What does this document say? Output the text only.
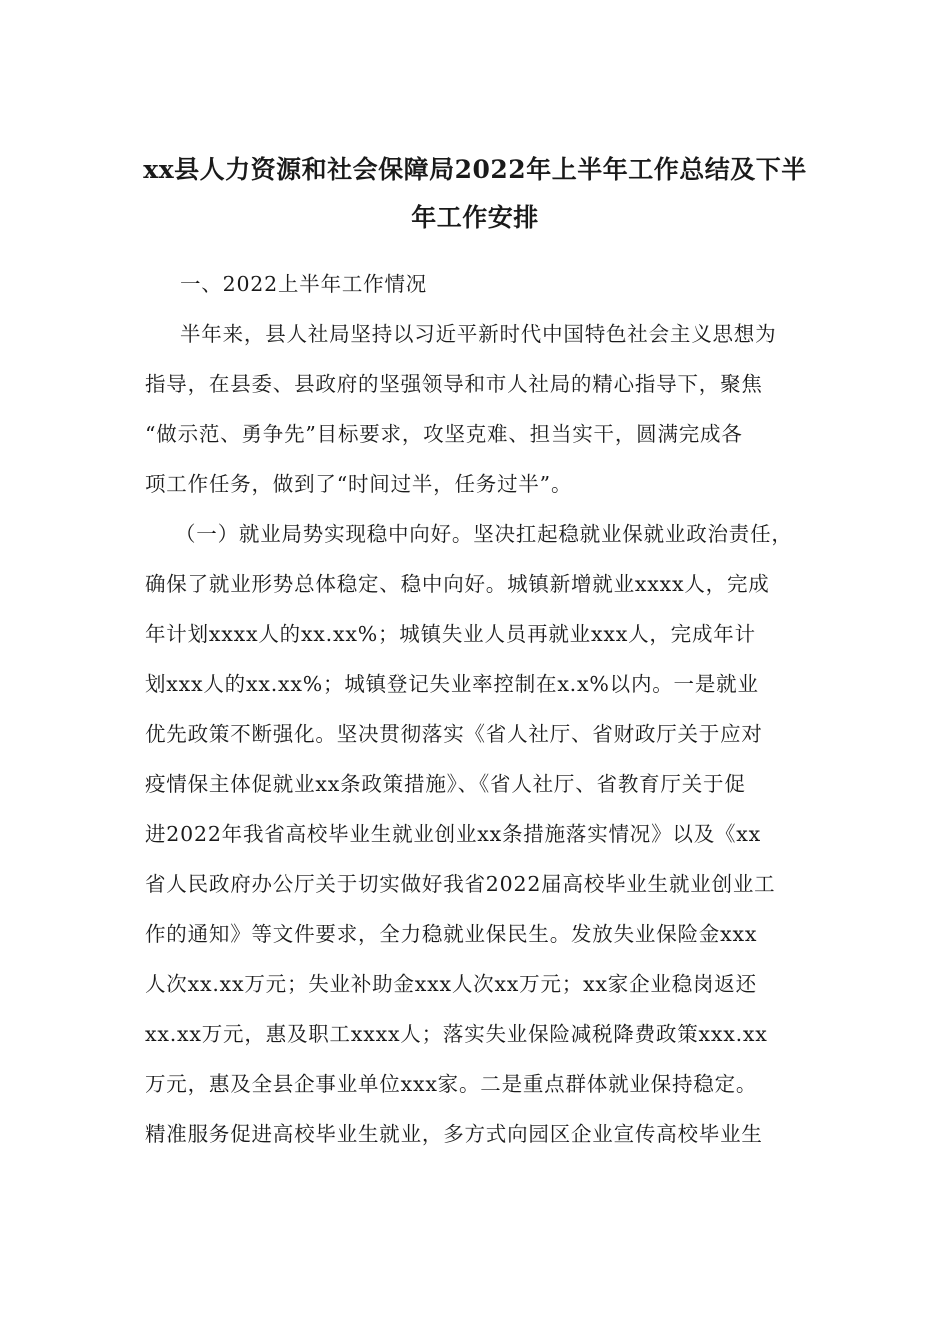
xx县人力资源和社会保障局2022年上半年工作总结及下半
年工作安排
一、2022上半年工作情况
半年来，县人社局坚持以习近平新时代中国特色社会主义思想为
指导，在县委、县政府的坚强领导和市人社局的精心指导下，聚焦
“做示范、勇争先”目标要求，攻坚克难、担当实干，圆满完成各
项工作任务，做到了“时间过半，任务过半”。
（一）就业局势实现稳中向好。坚决扛起稳就业保就业政治责任，
确保了就业形势总体稳定、稳中向好。城镇新增就业xxxx人，完成
年计划xxxx人的xx.xx%；城镇失业人员再就业xxx人，完成年计
划xxx人的xx.xx%；城镇登记失业率控制在x.x%以内。一是就业
优先政策不断强化。坚决贯彻落实《省人社厅、省财政厅关于应对
疫情保主体促就业xx条政策措施》、《省人社厅、省教育厅关于促
进2022年我省高校毕业生就业创业xx条措施落实情况》以及《xx
省人民政府办公厅关于切实做好我省2022届高校毕业生就业创业工
作的通知》等文件要求，全力稳就业保民生。发放失业保险金xxx
人次xx.xx万元；失业补助金xxx人次xx万元；xx家企业稳岗返还
xx.xx万元，惠及职工xxxx人；落实失业保险减税降费政策xxx.xx
万元，惠及全县企事业单位xxx家。二是重点群体就业保持稳定。
精准服务促进高校毕业生就业，多方式向园区企业宣传高校毕业生
